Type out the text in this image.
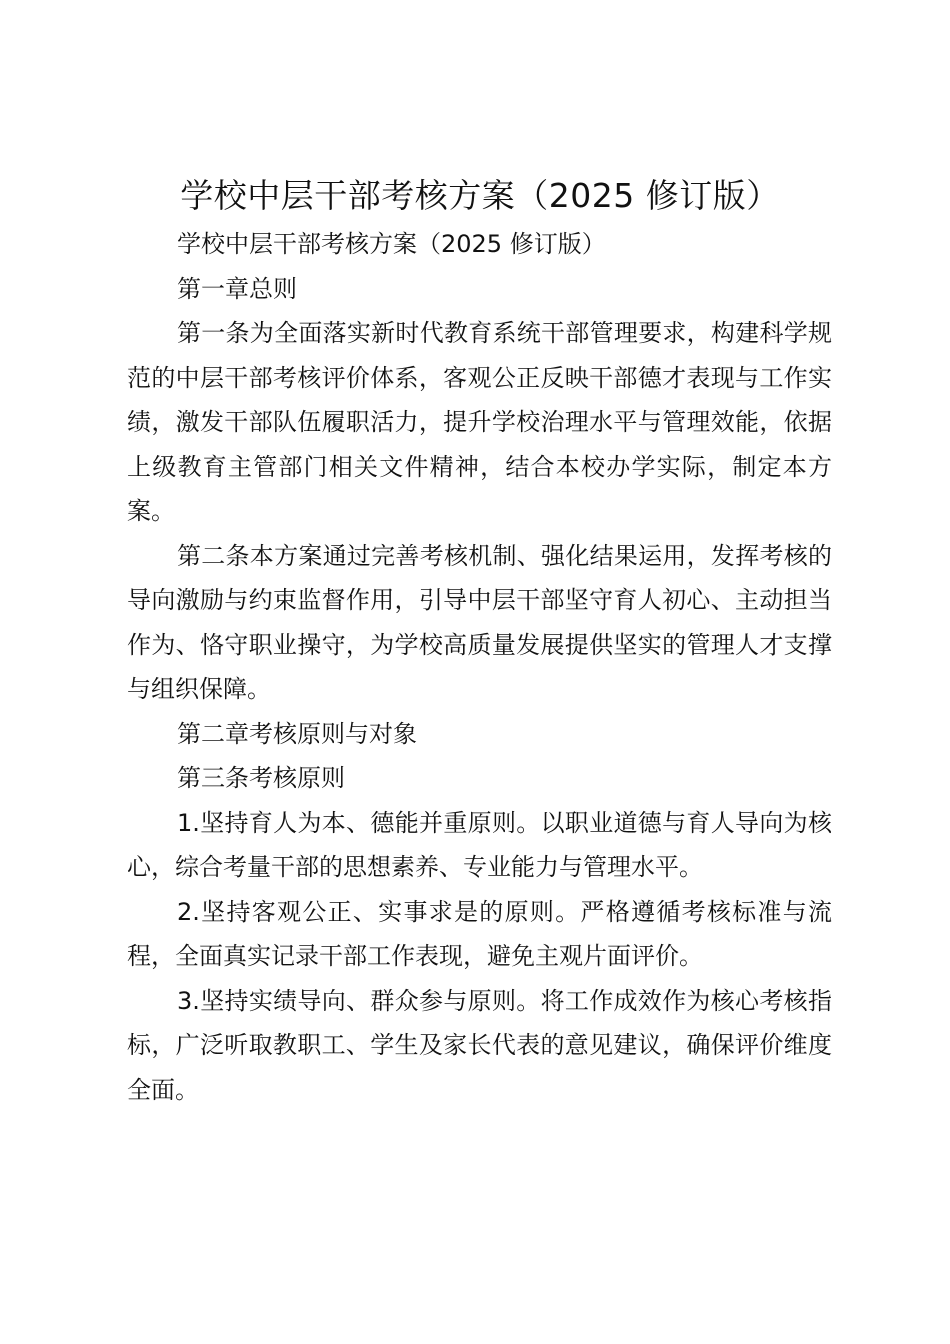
学校中层干部考核方案（2025 修订版）

学校中层干部考核方案（2025 修订版）

第一章总则

第一条为全面落实新时代教育系统干部管理要求，构建科学规范的中层干部考核评价体系，客观公正反映干部德才表现与工作实绩，激发干部队伍履职活力，提升学校治理水平与管理效能，依据上级教育主管部门相关文件精神，结合本校办学实际，制定本方案。

第二条本方案通过完善考核机制、强化结果运用，发挥考核的导向激励与约束监督作用，引导中层干部坚守育人初心、主动担当作为、恪守职业操守，为学校高质量发展提供坚实的管理人才支撑与组织保障。

第二章考核原则与对象

第三条考核原则

1.坚持育人为本、德能并重原则。以职业道德与育人导向为核心，综合考量干部的思想素养、专业能力与管理水平。

2.坚持客观公正、实事求是的原则。严格遵循考核标准与流程，全面真实记录干部工作表现，避免主观片面评价。

3.坚持实绩导向、群众参与原则。将工作成效作为核心考核指标，广泛听取教职工、学生及家长代表的意见建议，确保评价维度全面。
